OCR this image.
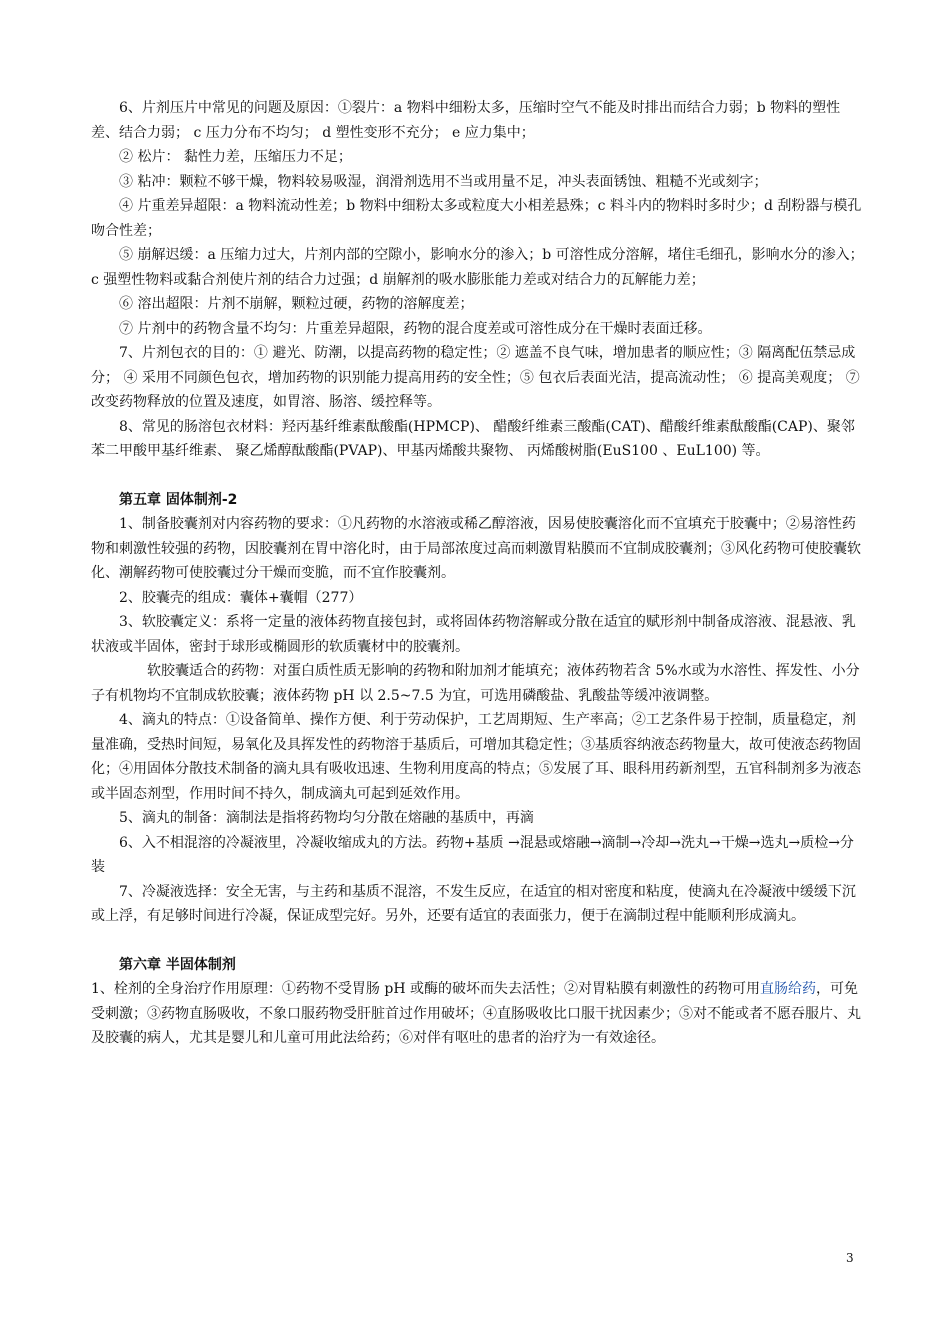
6、片剂压片中常见的问题及原因：①裂片：a 物料中细粉太多，压缩时空气不能及时排出而结合力弱；b 物料的塑性差、结合力弱； c 压力分布不均匀； d 塑性变形不充分； e 应力集中；

② 松片： 黏性力差，压缩压力不足；

③ 粘冲：颗粒不够干燥，物料较易吸湿，润滑剂选用不当或用量不足，冲头表面锈蚀、粗糙不光或刻字；

④ 片重差异超限：a 物料流动性差；b 物料中细粉太多或粒度大小相差悬殊；c 料斗内的物料时多时少；d 刮粉器与模孔吻合性差；

⑤ 崩解迟缓：a 压缩力过大，片剂内部的空隙小，影响水分的渗入；b 可溶性成分溶解，堵住毛细孔，影响水分的渗入；c 强塑性物料或黏合剂使片剂的结合力过强；d 崩解剂的吸水膨胀能力差或对结合力的瓦解能力差；

⑥ 溶出超限：片剂不崩解，颗粒过硬，药物的溶解度差；

⑦ 片剂中的药物含量不均匀：片重差异超限，药物的混合度差或可溶性成分在干燥时表面迁移。

7、片剂包衣的目的：① 避光、防潮，以提高药物的稳定性；② 遮盖不良气味，增加患者的顺应性；③ 隔离配伍禁忌成分； ④ 采用不同颜色包衣，增加药物的识别能力提高用药的安全性；⑤ 包衣后表面光洁，提高流动性； ⑥ 提高美观度； ⑦ 改变药物释放的位置及速度，如胃溶、肠溶、缓控释等。

8、常见的肠溶包衣材料：羟丙基纤维素酞酸酯(HPMCP)、 醋酸纤维素三酸酯(CAT)、醋酸纤维素酞酸酯(CAP)、聚邻苯二甲酸甲基纤维素、 聚乙烯醇酞酸酯(PVAP)、甲基丙烯酸共聚物、 丙烯酸树脂(EuS100 、EuL100) 等。

第五章 固体制剂-2

1、制备胶囊剂对内容药物的要求：①凡药物的水溶液或稀乙醇溶液，因易使胶囊溶化而不宜填充于胶囊中；②易溶性药物和刺激性较强的药物，因胶囊剂在胃中溶化时，由于局部浓度过高而刺激胃粘膜而不宜制成胶囊剂；③风化药物可使胶囊软化、潮解药物可使胶囊过分干燥而变脆，而不宜作胶囊剂。

2、胶囊壳的组成：囊体+囊帽（277）

3、软胶囊定义：系将一定量的液体药物直接包封，或将固体药物溶解或分散在适宜的赋形剂中制备成溶液、混悬液、乳状液或半固体，密封于球形或椭圆形的软质囊材中的胶囊剂。

软胶囊适合的药物：对蛋白质性质无影响的药物和附加剂才能填充；液体药物若含 5%水或为水溶性、挥发性、小分子有机物均不宜制成软胶囊；液体药物 pH 以 2.5~7.5 为宜，可选用磷酸盐、乳酸盐等缓冲液调整。

4、滴丸的特点：①设备简单、操作方便、利于劳动保护，工艺周期短、生产率高；②工艺条件易于控制，质量稳定，剂量准确，受热时间短，易氧化及具挥发性的药物溶于基质后，可增加其稳定性；③基质容纳液态药物量大，故可使液态药物固化；④用固体分散技术制备的滴丸具有吸收迅速、生物利用度高的特点；⑤发展了耳、眼科用药新剂型，五官科制剂多为液态或半固态剂型，作用时间不持久，制成滴丸可起到延效作用。

5、滴丸的制备：滴制法是指将药物均匀分散在熔融的基质中，再滴

6、入不相混溶的冷凝液里，冷凝收缩成丸的方法。药物+基质 →混悬或熔融→滴制→冷却→洗丸→干燥→选丸→质检→分装

7、冷凝液选择：安全无害，与主药和基质不混溶，不发生反应，在适宜的相对密度和粘度，使滴丸在冷凝液中缓缓下沉或上浮，有足够时间进行冷凝，保证成型完好。另外，还要有适宜的表面张力，便于在滴制过程中能顺利形成滴丸。

第六章 半固体制剂

1、栓剂的全身治疗作用原理：①药物不受胃肠 pH 或酶的破坏而失去活性；②对胃粘膜有刺激性的药物可用直肠给药，可免受刺激；③药物直肠吸收，不象口服药物受肝脏首过作用破坏；④直肠吸收比口服干扰因素少；⑤对不能或者不愿吞服片、丸及胶囊的病人，尤其是婴儿和儿童可用此法给药；⑥对伴有呕吐的患者的治疗为一有效途径。

3
